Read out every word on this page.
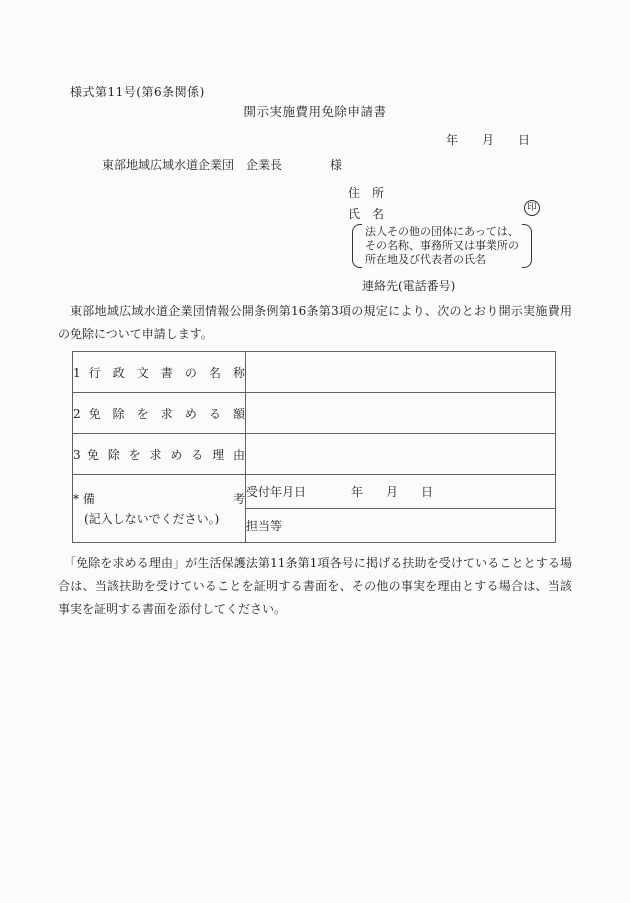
様式第11号(第6条関係)
開示実施費用免除申請書
年 月 日
東部地域広域水道企業団 企業長	様
住　所
氏　名	印
法人その他の団体にあっては、
その名称、事務所又は事業所の
所在地及び代表者の氏名
連絡先(電話番号)
東部地域広域水道企業団情報公開条例第16条第3項の規定により、次のとおり開示実施費用の免除について申請します。
1 行 政 文 書 の 名 称	
2 免 除 を 求 め る 額	
3 免 除 を 求 め る 理 由	

* 備	考
(記入しないでください。)

受付年月日	年 月 日

	担当等
「免除を求める理由」が生活保護法第11条第1項各号に掲げる扶助を受けていることとする場合は、当該扶助を受けていることを証明する書面を、その他の事実を理由とする場合は、当該事実を証明する書面を添付してください。
